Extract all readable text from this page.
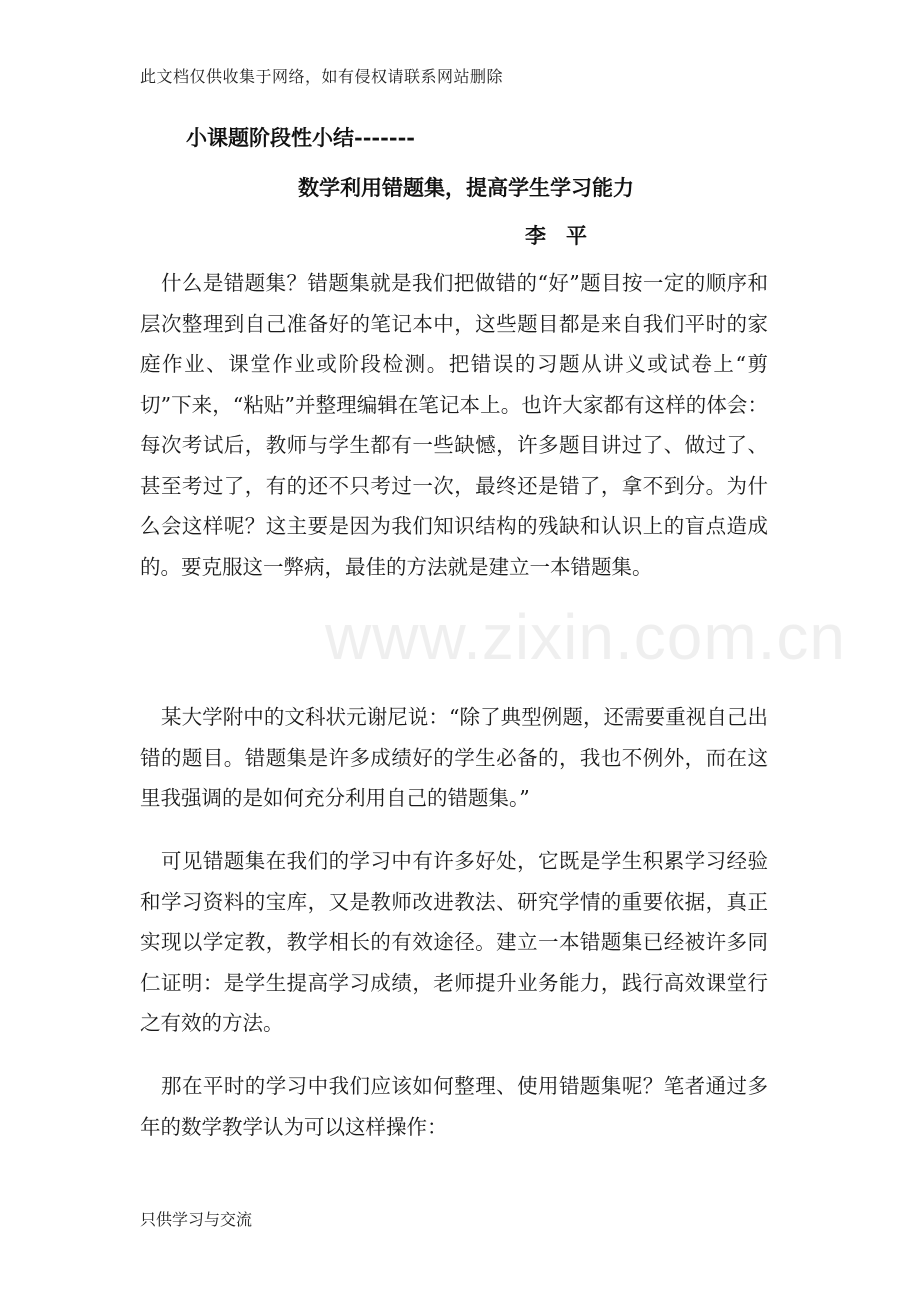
此文档仅供收集于网络，如有侵权请联系网站删除
小课题阶段性小结-------
数学利用错题集，提高学生学习能力
李平
什么是错题集？错题集就是我们把做错的“好”题目按一定的顺序和层次整理到自己准备好的笔记本中，这些题目都是来自我们平时的家庭作业、课堂作业或阶段检测。把错误的习题从讲义或试卷上“剪切”下来，“粘贴”并整理编辑在笔记本上。也许大家都有这样的体会：每次考试后，教师与学生都有一些缺憾，许多题目讲过了、做过了、甚至考过了，有的还不只考过一次，最终还是错了，拿不到分。为什么会这样呢？这主要是因为我们知识结构的残缺和认识上的盲点造成的。要克服这一弊病，最佳的方法就是建立一本错题集。
某大学附中的文科状元谢尼说：“除了典型例题，还需要重视自己出错的题目。错题集是许多成绩好的学生必备的，我也不例外，而在这里我强调的是如何充分利用自己的错题集。”
可见错题集在我们的学习中有许多好处，它既是学生积累学习经验和学习资料的宝库，又是教师改进教法、研究学情的重要依据，真正实现以学定教，教学相长的有效途径。建立一本错题集已经被许多同仁证明：是学生提高学习成绩，老师提升业务能力，践行高效课堂行之有效的方法。
那在平时的学习中我们应该如何整理、使用错题集呢？笔者通过多年的数学教学认为可以这样操作：
www.zixin.com.cn
只供学习与交流
